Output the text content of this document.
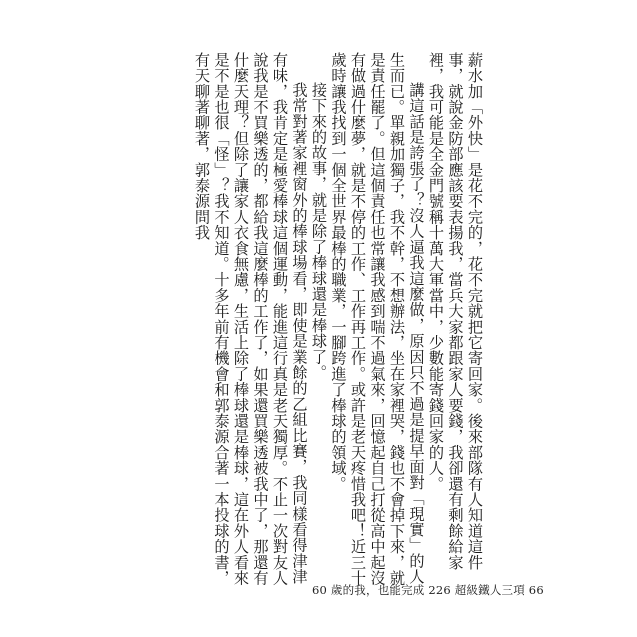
薪水加「外快」是花不完的，花不完就把它寄回家。後來部隊有人知道這件事，就說金防部應該要表揚我，當兵大家都跟家人要錢，我卻還有剩餘給家裡，我可能是全金門號稱十萬大軍當中，少數能寄錢回家的人。
講這話是誇張了？沒人逼我這麼做，原因只不過是提早面對「現實」的人生而已。單親加獨子，我不幹，不想辦法，坐在家裡哭，錢也不會掉下來，就是責任罷了。但這個責任也常讓我感到喘不過氣來，回憶起自己打從高中起沒有做過什麼夢，就是不停的工作、工作再工作。或許是老天疼惜我吧！近三十歲時讓我找到一個全世界最棒的職業，一腳跨進了棒球的領域。
接下來的故事，就是除了棒球還是棒球了。
我常對著家裡窗外的棒球場看，即使是業餘的乙組比賽，我同樣看得津津有味，我肯定是極愛棒球這個運動，能進這行真是老天獨厚。不止一次對友人說我是不買樂透的，都給我這麼棒的工作了，如果還買樂透被我中了，那還有什麼天理？但除了讓家人衣食無慮，生活上除了棒球還是棒球，這在外人看來是不是也很「怪」？我不知道。十多年前有機會和郭泰源合著一本投球的書，有天聊著聊著，郭泰源問我
60 歲的我，也能完成 226 超級鐵人三項 66
